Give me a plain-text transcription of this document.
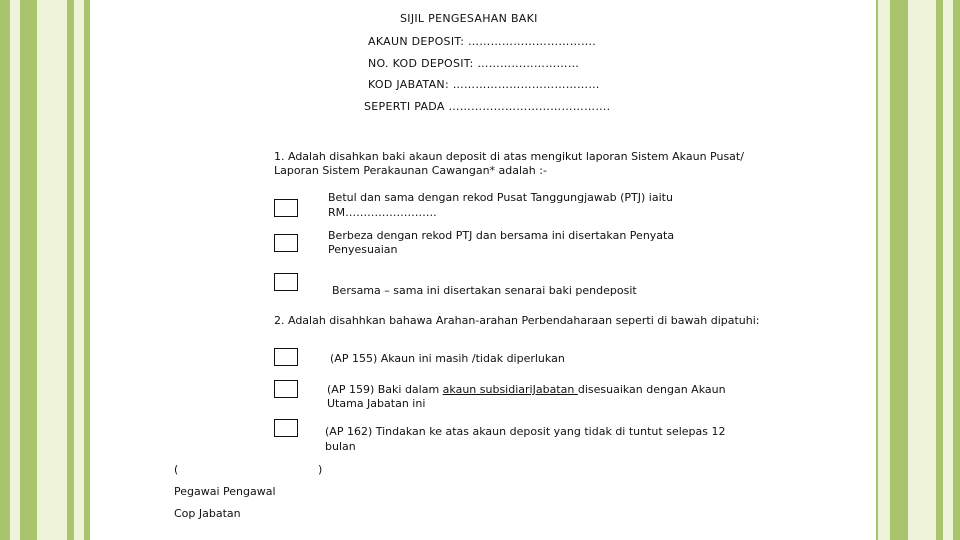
SIJIL PENGESAHAN BAKI
AKAUN DEPOSIT: …………………………….
NO. KOD DEPOSIT: ………………………
KOD JABATAN: …………………………………
SEPERTI PADA …………………………………….
1. Adalah disahkan baki akaun deposit di atas mengikut laporan Sistem Akaun Pusat/
Laporan Sistem Perakaunan Cawangan* adalah :-
Betul dan sama dengan rekod Pusat Tanggungjawab (PTJ) iaitu
RM…………………….
Berbeza dengan rekod PTJ dan bersama ini disertakan Penyata
Penyesuaian
Bersama – sama ini disertakan senarai baki pendeposit
2. Adalah disahhkan bahawa Arahan-arahan Perbendaharaan seperti di bawah dipatuhi:
(AP 155) Akaun ini masih /tidak diperlukan
(AP 159) Baki dalam akaun subsidiariJabatan disesuaikan dengan Akaun
Utama Jabatan ini
(AP 162) Tindakan ke atas akaun deposit yang tidak di tuntut selepas 12
bulan
(	)
Pegawai Pengawal
Cop Jabatan
